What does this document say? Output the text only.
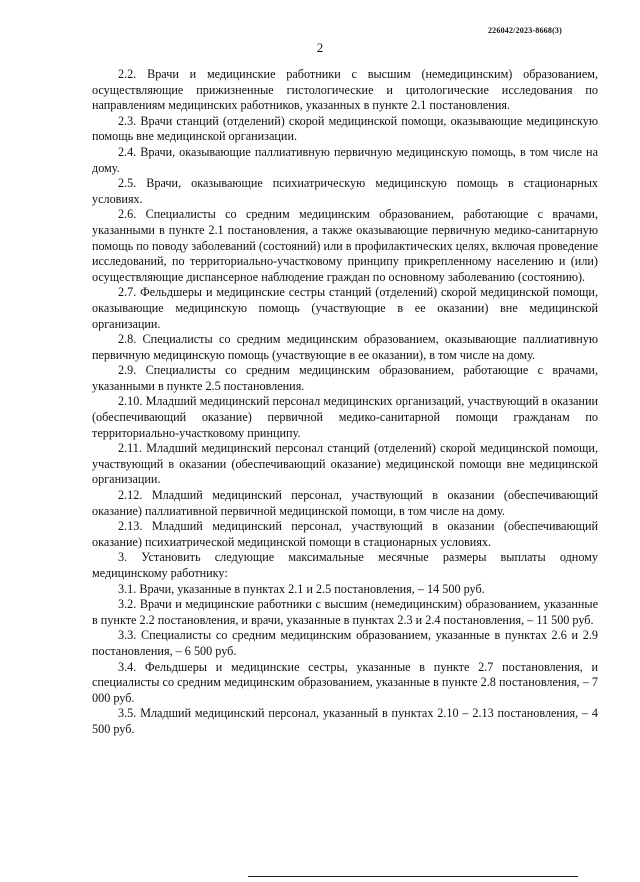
226042/2023-8668(3)
2

2.2. Врачи и медицинские работники с высшим (немедицинским) образованием, осуществляющие прижизненные гистологические и цитологические исследования по направлениям медицинских работников, указанных в пункте 2.1 постановления.

2.3. Врачи станций (отделений) скорой медицинской помощи, оказывающие медицинскую помощь вне медицинской организации.

2.4. Врачи, оказывающие паллиативную первичную медицинскую помощь, в том числе на дому.

2.5. Врачи, оказывающие психиатрическую медицинскую помощь в стационарных условиях.

2.6. Специалисты со средним медицинским образованием, работающие с врачами, указанными в пункте 2.1 постановления, а также оказывающие первичную медико-санитарную помощь по поводу заболеваний (состояний) или в профилактических целях, включая проведение исследований, по территориально-участковому принципу прикрепленному населению и (или) осуществляющие диспансерное наблюдение граждан по основному заболеванию (состоянию).

2.7. Фельдшеры и медицинские сестры станций (отделений) скорой медицинской помощи, оказывающие медицинскую помощь (участвующие в ее оказании) вне медицинской организации.

2.8. Специалисты со средним медицинским образованием, оказывающие паллиативную первичную медицинскую помощь (участвующие в ее оказании), в том числе на дому.

2.9. Специалисты со средним медицинским образованием, работающие с врачами, указанными в пункте 2.5 постановления.

2.10. Младший медицинский персонал медицинских организаций, участвующий в оказании (обеспечивающий оказание) первичной медико-санитарной помощи гражданам по территориально-участковому принципу.

2.11. Младший медицинский персонал станций (отделений) скорой медицинской помощи, участвующий в оказании (обеспечивающий оказание) медицинской помощи вне медицинской организации.

2.12. Младший медицинский персонал, участвующий в оказании (обеспечивающий оказание) паллиативной первичной медицинской помощи, в том числе на дому.

2.13. Младший медицинский персонал, участвующий в оказании (обеспечивающий оказание) психиатрической медицинской помощи в стационарных условиях.

3. Установить следующие максимальные месячные размеры выплаты одному медицинскому работнику:

3.1. Врачи, указанные в пунктах 2.1 и 2.5 постановления, – 14 500 руб.

3.2. Врачи и медицинские работники с высшим (немедицинским) образованием, указанные в пункте 2.2 постановления, и врачи, указанные в пунктах 2.3 и 2.4 постановления, – 11 500 руб.

3.3. Специалисты со средним медицинским образованием, указанные в пунктах 2.6 и 2.9 постановления, – 6 500 руб.

3.4. Фельдшеры и медицинские сестры, указанные в пункте 2.7 постановления, и специалисты со средним медицинским образованием, указанные в пункте 2.8 постановления, – 7 000 руб.

3.5. Младший медицинский персонал, указанный в пунктах 2.10 – 2.13 постановления, – 4 500 руб.
